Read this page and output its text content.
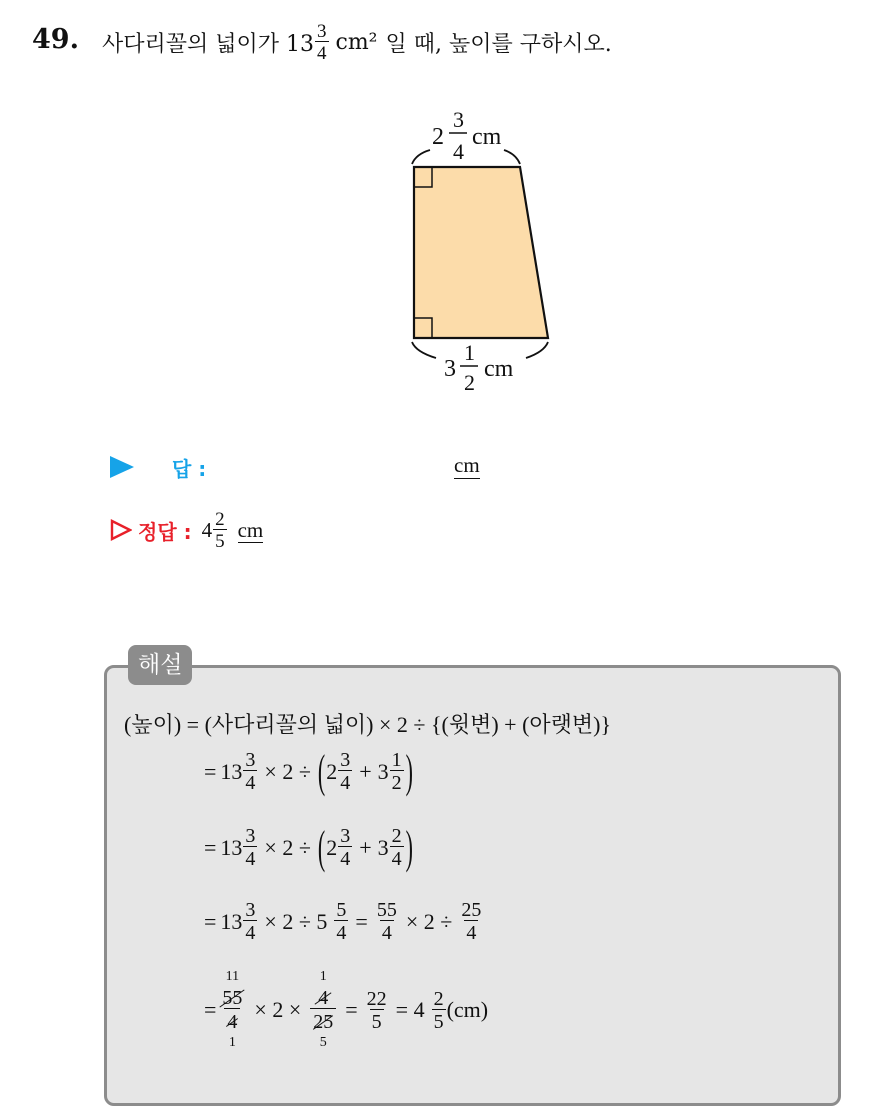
49. 사다리꼴의 넓이가 $13 \frac{3}{4} cm^2$ 일 때, 높이를 구하시오.
2
3
4
cm
3
1
2
cm
답 :	cm
정답 : $4 \frac{2}{5}$ cm
해설
(높이) = (사다리꼴의 넓이) × 2 ÷ {(윗변) + (아랫변)}
= $13 \frac{3}{4} \times 2$ ÷ ( $2 \frac{3}{4} + 3 \frac{1}{2}$ )
= $13 \frac{3}{4} \times 2$ ÷ ( $2 \frac{3}{4} + 3 \frac{2}{4}$ )
= $13 \frac{3}{4} \times 2 \div 5 \frac{5}{4} = \frac{55}{4} \times 2 \div \frac{25}{4}$
=
11
55
4
1
× 2 ×
1
4
25
5
= $\frac{22}{5} = 4 \frac{2}{5} (cm)$
